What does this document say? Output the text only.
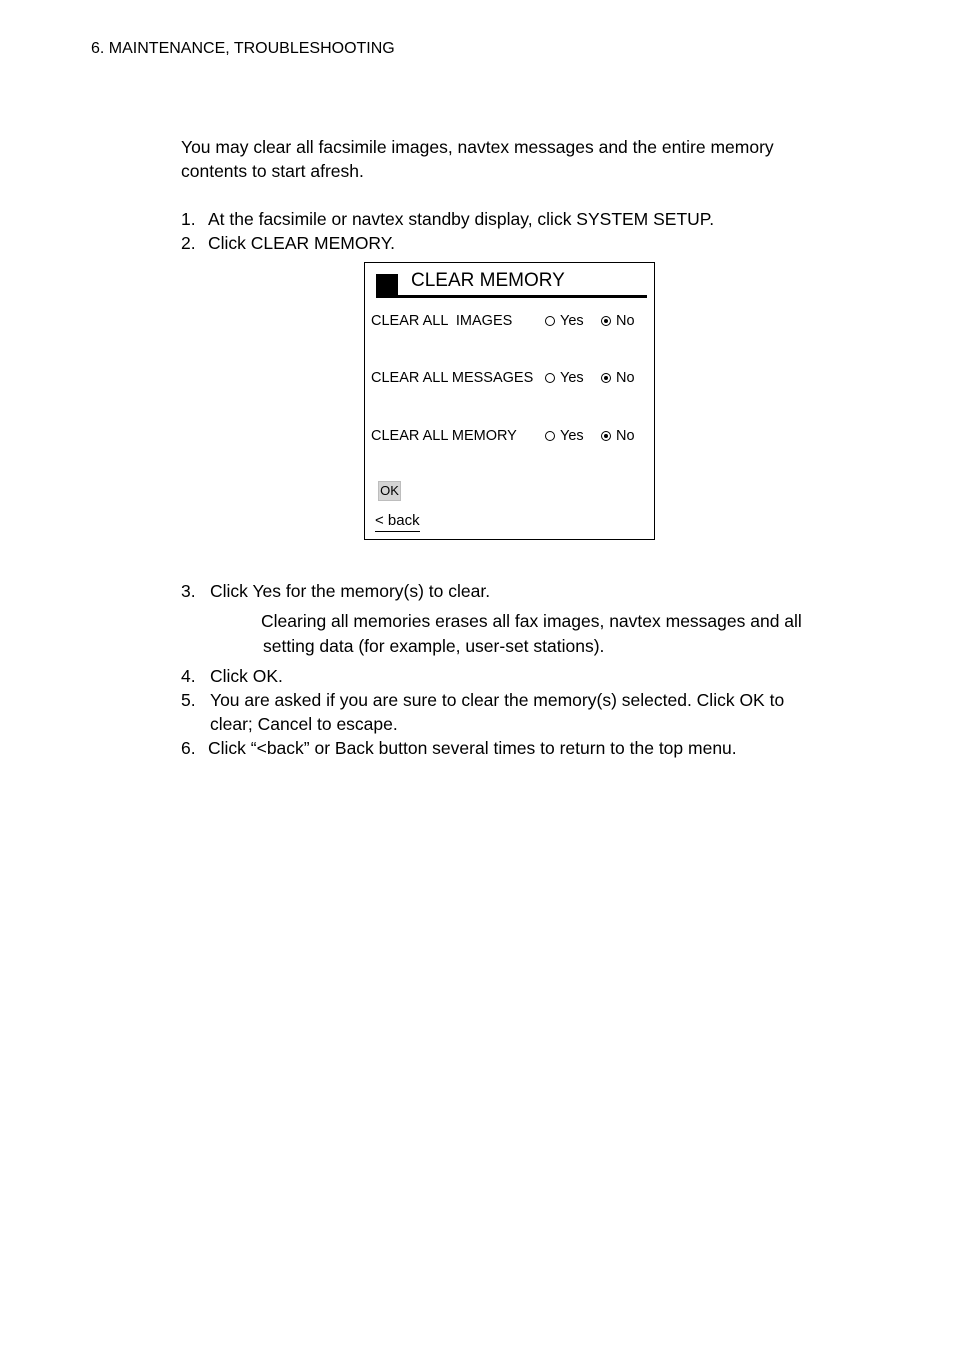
6. MAINTENANCE, TROUBLESHOOTING
You may clear all facsimile images, navtex messages and the entire memory
contents to start afresh.
1. At the facsimile or navtex standby display, click SYSTEM SETUP.
2. Click CLEAR MEMORY.
CLEAR MEMORY
CLEAR ALL  IMAGES	Yes No
CLEAR ALL MESSAGES Yes No
CLEAR ALL MEMORY	Yes No
OK
< back
3. Click Yes for the memory(s) to clear.
Clearing all memories erases all fax images, navtex messages and all
setting data (for example, user-set stations).
4. Click OK.
5. You are asked if you are sure to clear the memory(s) selected. Click OK to
clear; Cancel to escape.
6. Click “<back” or Back button several times to return to the top menu.
